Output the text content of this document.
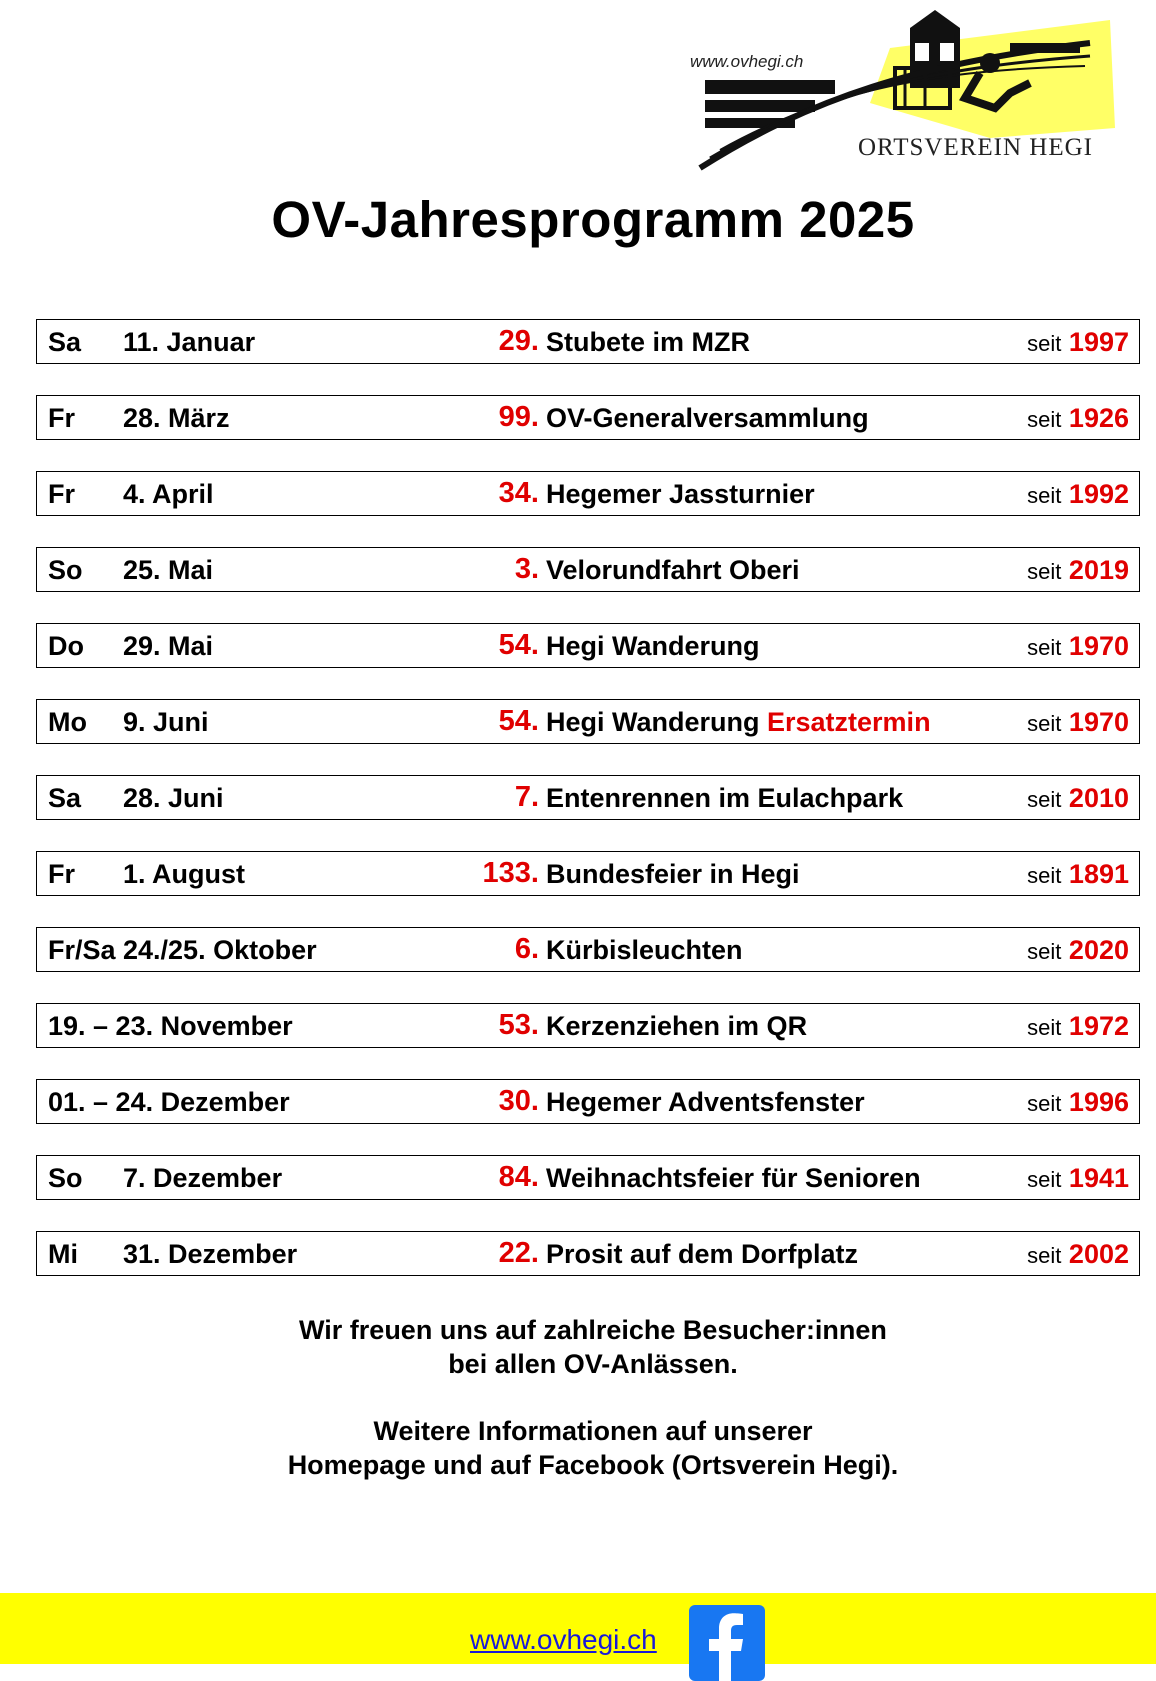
www.ovhegi.ch
ORTSVEREIN HEGI
OV-Jahresprogramm 2025
Sa 11. Januar	29. Stubete im MZR	seit 1997
Fr 28. März	99. OV-Generalversammlung	seit 1926
Fr 4. April	34. Hegemer Jassturnier	seit 1992
So 25. Mai	3. Velorundfahrt Oberi	seit 2019
Do 29. Mai	54. Hegi Wanderung	seit 1970
Mo 9. Juni	54. Hegi Wanderung Ersatztermin	seit 1970
Sa 28. Juni	7. Entenrennen im Eulachpark	seit 2010
Fr 1. August	133. Bundesfeier in Hegi	seit 1891
Fr/Sa 24./25. Oktober	6. Kürbisleuchten	seit 2020
19. – 23. November	53. Kerzenziehen im QR	seit 1972
01. – 24. Dezember	30. Hegemer Adventsfenster	seit 1996
So 7. Dezember	84. Weihnachtsfeier für Senioren	seit 1941
Mi 31. Dezember	22. Prosit auf dem Dorfplatz	seit 2002
Wir freuen uns auf zahlreiche Besucher:innen
bei allen OV-Anlässen.
Weitere Informationen auf unserer
Homepage und auf Facebook (Ortsverein Hegi).
www.ovhegi.ch
